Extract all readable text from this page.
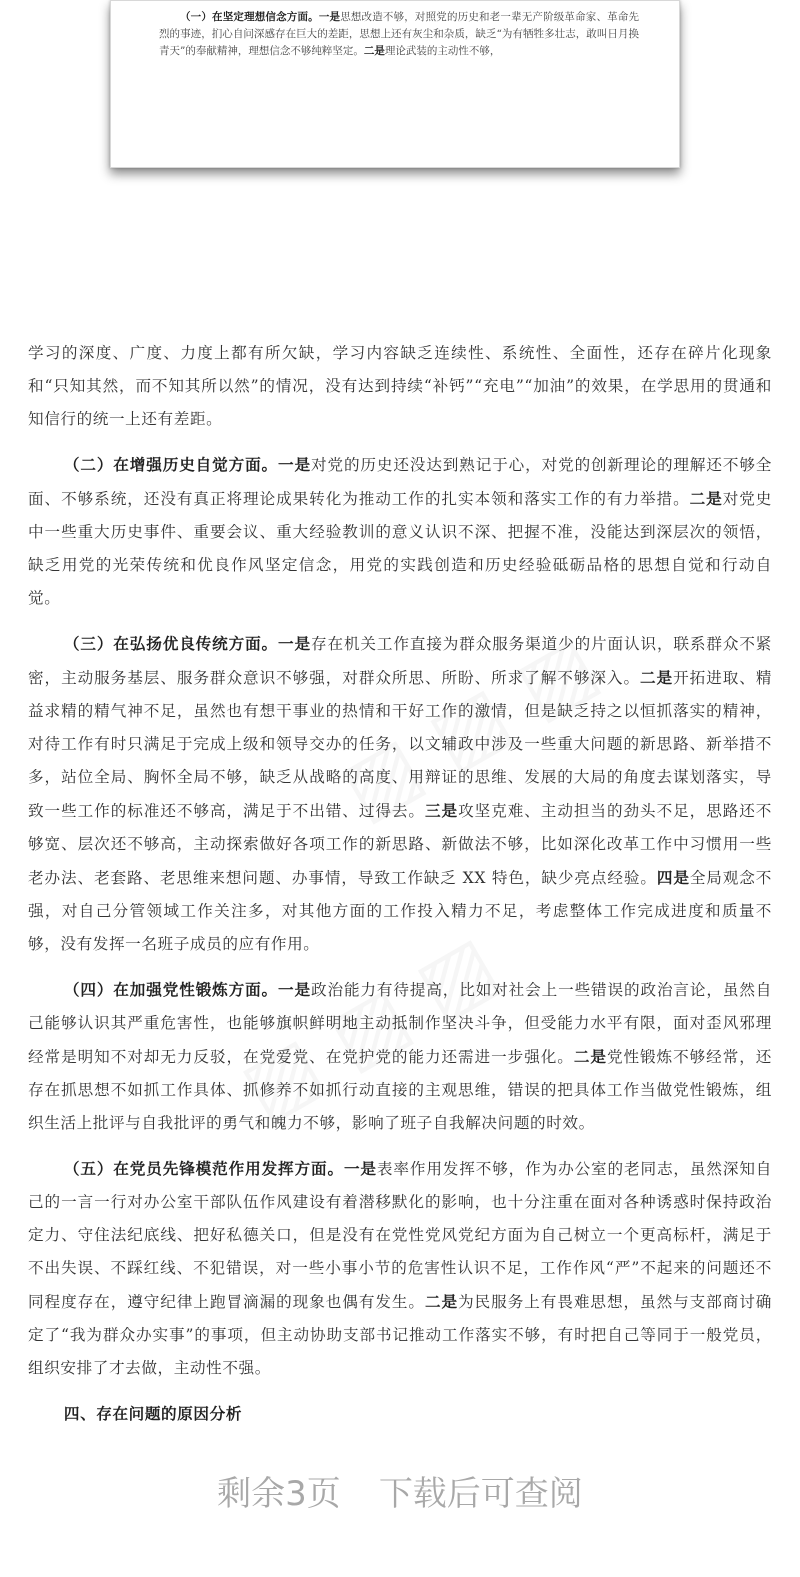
（一）在坚定理想信念方面。一是思想改造不够，对照党的历史和老一辈无产阶级革命家、革命先烈的事迹，扪心自问深感存在巨大的差距，思想上还有灰尘和杂质，缺乏“为有牺牲多壮志，敢叫日月换青天”的奉献精神，理想信念不够纯粹坚定。二是理论武装的主动性不够，

学习的深度、广度、力度上都有所欠缺，学习内容缺乏连续性、系统性、全面性，还存在碎片化现象和“只知其然，而不知其所以然”的情况，没有达到持续“补钙”“充电”“加油”的效果，在学思用的贯通和知信行的统一上还有差距。

（二）在增强历史自觉方面。一是对党的历史还没达到熟记于心，对党的创新理论的理解还不够全面、不够系统，还没有真正将理论成果转化为推动工作的扎实本领和落实工作的有力举措。二是对党史中一些重大历史事件、重要会议、重大经验教训的意义认识不深、把握不准，没能达到深层次的领悟，缺乏用党的光荣传统和优良作风坚定信念，用党的实践创造和历史经验砥砺品格的思想自觉和行动自觉。

（三）在弘扬优良传统方面。一是存在机关工作直接为群众服务渠道少的片面认识，联系群众不紧密，主动服务基层、服务群众意识不够强，对群众所思、所盼、所求了解不够深入。二是开拓进取、精益求精的精气神不足，虽然也有想干事业的热情和干好工作的激情，但是缺乏持之以恒抓落实的精神，对待工作有时只满足于完成上级和领导交办的任务，以文辅政中涉及一些重大问题的新思路、新举措不多，站位全局、胸怀全局不够，缺乏从战略的高度、用辩证的思维、发展的大局的角度去谋划落实，导致一些工作的标准还不够高，满足于不出错、过得去。三是攻坚克难、主动担当的劲头不足，思路还不够宽、层次还不够高，主动探索做好各项工作的新思路、新做法不够，比如深化改革工作中习惯用一些老办法、老套路、老思维来想问题、办事情，导致工作缺乏 XX 特色，缺少亮点经验。四是全局观念不强，对自己分管领域工作关注多，对其他方面的工作投入精力不足，考虑整体工作完成进度和质量不够，没有发挥一名班子成员的应有作用。

（四）在加强党性锻炼方面。一是政治能力有待提高，比如对社会上一些错误的政治言论，虽然自己能够认识其严重危害性，也能够旗帜鲜明地主动抵制作坚决斗争，但受能力水平有限，面对歪风邪理经常是明知不对却无力反驳，在党爱党、在党护党的能力还需进一步强化。二是党性锻炼不够经常，还存在抓思想不如抓工作具体、抓修养不如抓行动直接的主观思维，错误的把具体工作当做党性锻炼，组织生活上批评与自我批评的勇气和魄力不够，影响了班子自我解决问题的时效。

（五）在党员先锋模范作用发挥方面。一是表率作用发挥不够，作为办公室的老同志，虽然深知自己的一言一行对办公室干部队伍作风建设有着潜移默化的影响，也十分注重在面对各种诱惑时保持政治定力、守住法纪底线、把好私德关口，但是没有在党性党风党纪方面为自己树立一个更高标杆，满足于不出失误、不踩红线、不犯错误，对一些小事小节的危害性认识不足，工作作风“严”不起来的问题还不同程度存在，遵守纪律上跑冒滴漏的现象也偶有发生。二是为民服务上有畏难思想，虽然与支部商讨确定了“我为群众办实事”的事项，但主动协助支部书记推动工作落实不够，有时把自己等同于一般党员，组织安排了才去做，主动性不强。

四、存在问题的原因分析
剩余3页 下载后可查阅
